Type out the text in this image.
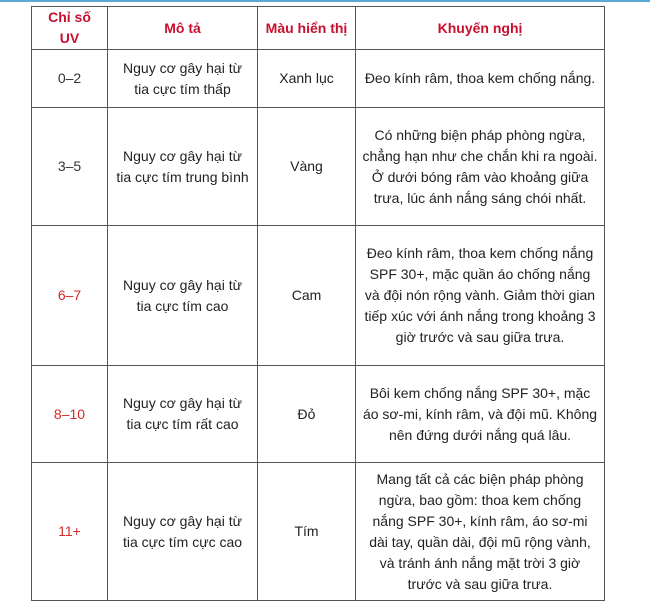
Chỉ số UV	Mô tả	Màu hiển thị	Khuyến nghị
0–2	Nguy cơ gây hại từ tia cực tím thấp	Xanh lục	Đeo kính râm, thoa kem chống nắng.
3–5	Nguy cơ gây hại từ tia cực tím trung bình	Vàng	Có những biện pháp phòng ngừa, chẳng hạn như che chắn khi ra ngoài. Ở dưới bóng râm vào khoảng giữa trưa, lúc ánh nắng sáng chói nhất.
6–7	Nguy cơ gây hại từ tia cực tím cao	Cam	Đeo kính râm, thoa kem chống nắng SPF 30+, mặc quần áo chống nắng và đội nón rộng vành. Giảm thời gian tiếp xúc với ánh nắng trong khoảng 3 giờ trước và sau giữa trưa.
8–10	Nguy cơ gây hại từ tia cực tím rất cao	Đỏ	Bôi kem chống nắng SPF 30+, mặc áo sơ-mi, kính râm, và đội mũ. Không nên đứng dưới nắng quá lâu.
11+	Nguy cơ gây hại từ tia cực tím cực cao	Tím	Mang tất cả các biện pháp phòng ngừa, bao gồm: thoa kem chống nắng SPF 30+, kính râm, áo sơ-mi dài tay, quần dài, đội mũ rộng vành, và tránh ánh nắng mặt trời 3 giờ trước và sau giữa trưa.
